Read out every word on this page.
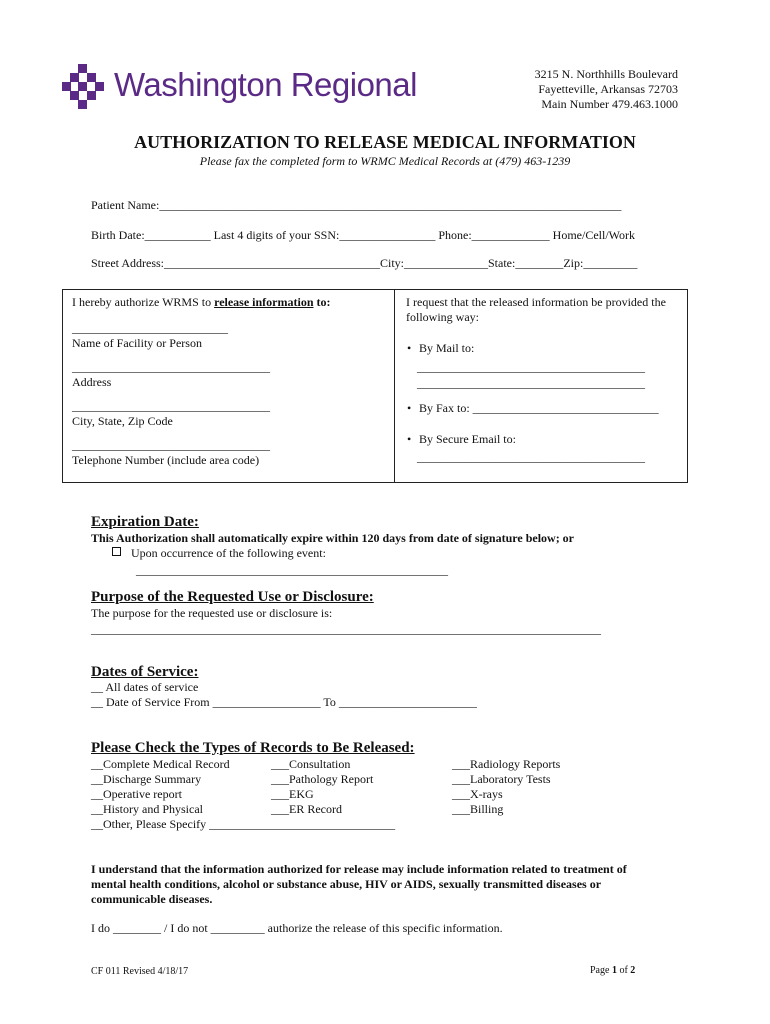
Washington Regional	3215 N. Northhills Boulevard
Fayetteville, Arkansas 72703
Main Number 479.463.1000
AUTHORIZATION TO RELEASE MEDICAL INFORMATION
Please fax the completed form to WRMC Medical Records at (479) 463-1239
Patient Name:_____________________________________________________________________________
Birth Date:___________ Last 4 digits of your SSN:________________ Phone:_____________ Home/Cell/Work
Street Address:____________________________________City:______________State:________Zip:_________
I hereby authorize WRMS to release information to:
__________________________
Name of Facility or Person
_________________________________
Address
_________________________________
City, State, Zip Code
_________________________________
Telephone Number (include area code)
I request that the released information be provided the
following way:
• By Mail to:
______________________________________
______________________________________
• By Fax to: _______________________________
• By Secure Email to:
______________________________________
Expiration Date:
This Authorization shall automatically expire within 120 days from date of signature below; or
Upon occurrence of the following event:
____________________________________________________
Purpose of the Requested Use or Disclosure:
The purpose for the requested use or disclosure is:
_____________________________________________________________________________________
Dates of Service:
__ All dates of service
__ Date of Service From __________________ To _______________________
Please Check the Types of Records to Be Released:
__Complete Medical Record
__Discharge Summary
__Operative report
__History and Physical
__Other, Please Specify _______________________________
___Consultation
___Pathology Report
___EKG
___ER Record
___Radiology Reports
___Laboratory Tests
___X-rays
___Billing
I understand that the information authorized for release may include information related to treatment of
mental health conditions, alcohol or substance abuse, HIV or AIDS, sexually transmitted diseases or
communicable diseases.
I do ________ / I do not _________ authorize the release of this specific information.
CF 011 Revised 4/18/17	Page 1 of 2
